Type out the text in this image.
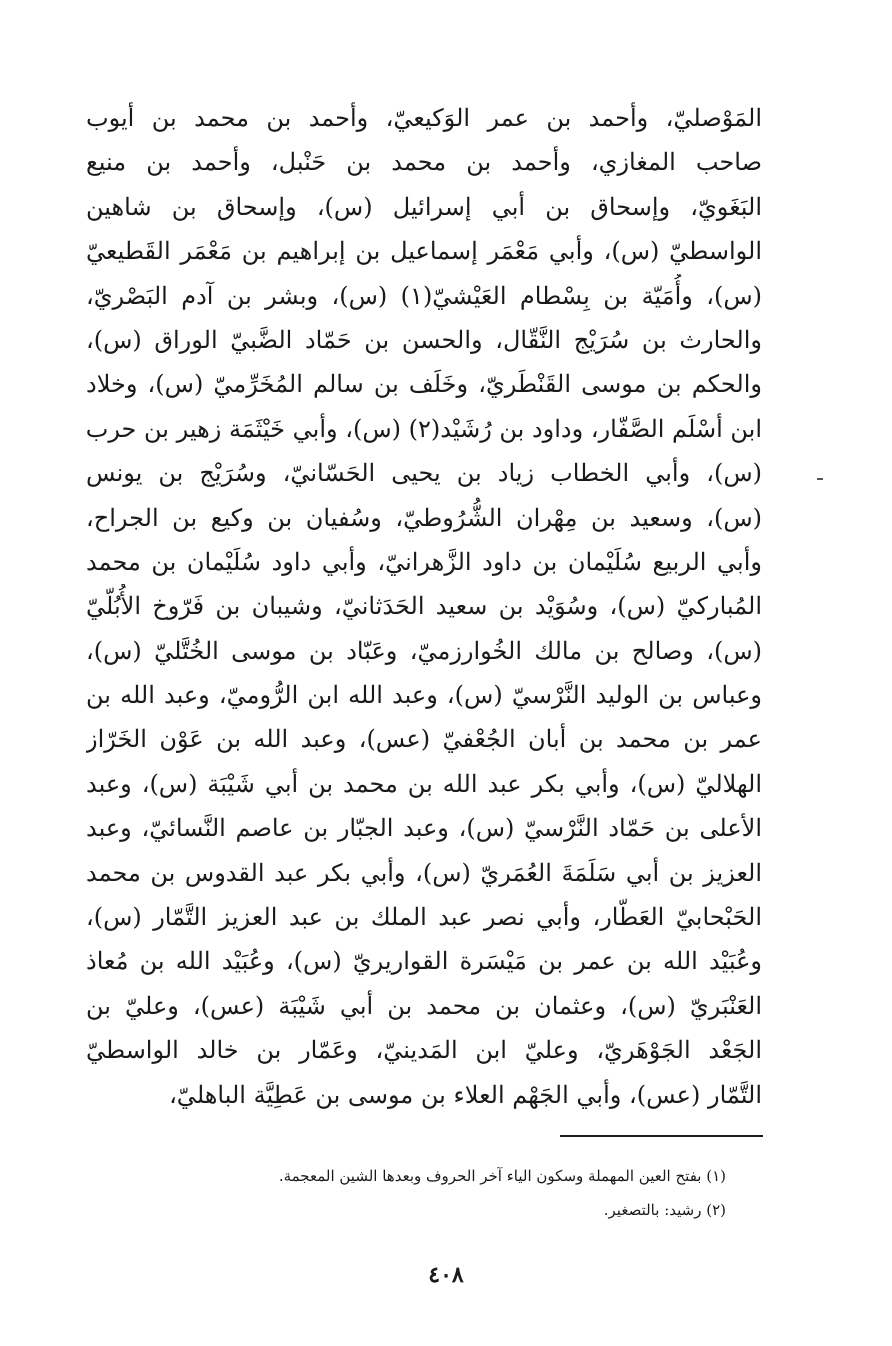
المَوْصليّ، وأحمد بن عمر الوَكيعيّ، وأحمد بن محمد بن أيوب
صاحب المغازي، وأحمد بن محمد بن حَنْبل، وأحمد بن منيع
البَغَويّ، وإسحاق بن أبي إسرائيل (س)، وإسحاق بن شاهين
الواسطيّ (س)، وأبي مَعْمَر إسماعيل بن إبراهيم بن مَعْمَر القَطيعيّ
(س)، وأُمَيّة بن بِسْطام العَيْشيّ(١) (س)، وبشر بن آدم البَصْريّ،
والحارث بن سُرَيْج النَّقّال، والحسن بن حَمّاد الضَّبيّ الوراق (س)،
والحكم بن موسى القَنْطَريّ، وخَلَف بن سالم المُخَرِّميّ (س)، وخلاد
ابن أسْلَم الصَّفّار، وداود بن رُشَيْد(٢) (س)، وأبي خَيْثَمَة زهير بن حرب
(س)، وأبي الخطاب زياد بن يحيى الحَسّانيّ، وسُرَيْج بن يونس
(س)، وسعيد بن مِهْران الشُّرُوطيّ، وسُفيان بن وكيع بن الجراح،
وأبي الربيع سُلَيْمان بن داود الزَّهرانيّ، وأبي داود سُلَيْمان بن محمد
المُباركيّ (س)، وسُوَيْد بن سعيد الحَدَثانيّ، وشيبان بن فَرّوخ الأُبُلّيّ
(س)، وصالح بن مالك الخُوارزميّ، وعَبّاد بن موسى الخُتَّليّ (س)،
وعباس بن الوليد النَّرْسيّ (س)، وعبد الله ابن الرُّوميّ، وعبد الله بن
عمر بن محمد بن أبان الجُعْفيّ (عس)، وعبد الله بن عَوْن الخَرّاز
الهلاليّ (س)، وأبي بكر عبد الله بن محمد بن أبي شَيْبَة (س)، وعبد
الأعلى بن حَمّاد النَّرْسيّ (س)، وعبد الجبّار بن عاصم النَّسائيّ، وعبد
العزيز بن أبي سَلَمَةَ العُمَريّ (س)، وأبي بكر عبد القدوس بن محمد
الحَبْحابيّ العَطّار، وأبي نصر عبد الملك بن عبد العزيز التَّمّار (س)،
وعُبَيْد الله بن عمر بن مَيْسَرة القواريريّ (س)، وعُبَيْد الله بن مُعاذ
العَنْبَريّ (س)، وعثمان بن محمد بن أبي شَيْبَة (عس)، وعليّ بن
الجَعْد الجَوْهَريّ، وعليّ ابن المَدينيّ، وعَمّار بن خالد الواسطيّ
التَّمّار (عس)، وأبي الجَهْم العلاء بن موسى بن عَطِيَّة الباهليّ،
(١) بفتح العين المهملة وسكون الياء آخر الحروف وبعدها الشين المعجمة.
(٢) رشيد: بالتصغير.
٤٠٨
